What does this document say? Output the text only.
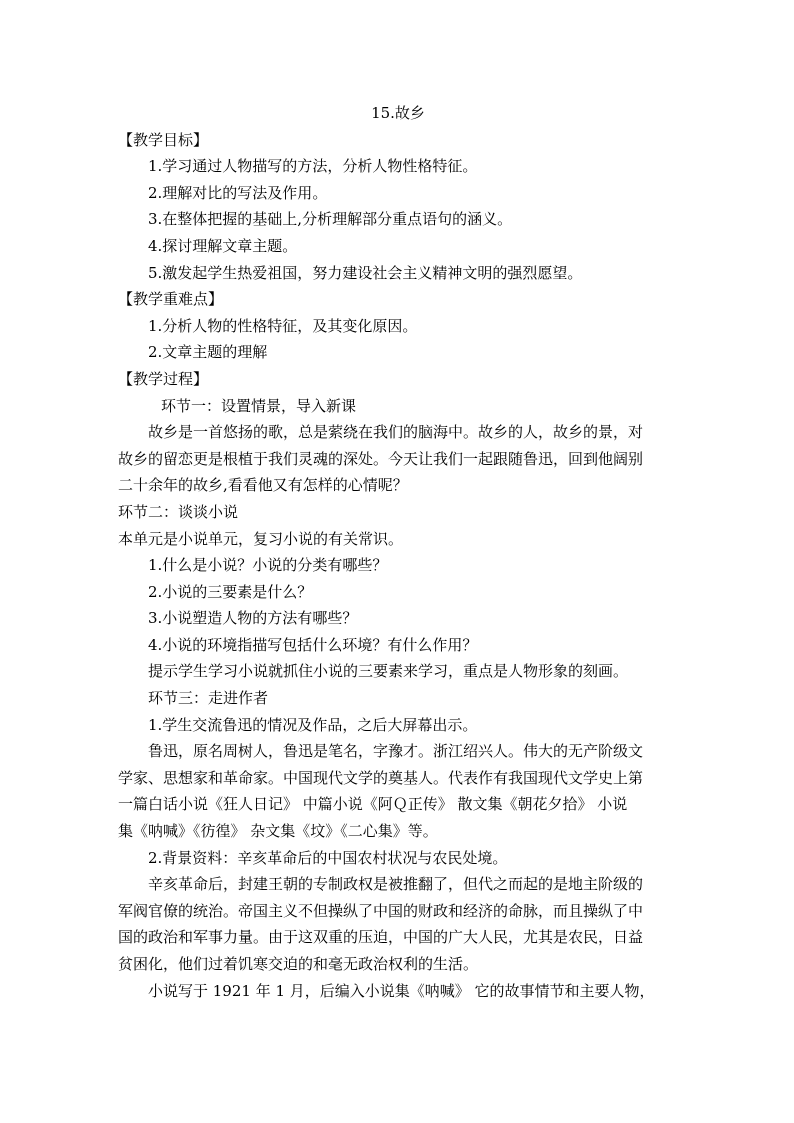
15.故乡

【教学目标】

1.学习通过人物描写的方法，分析人物性格特征。

2.理解对比的写法及作用。

3.在整体把握的基础上,分析理解部分重点语句的涵义。

4.探讨理解文章主题。

5.激发起学生热爱祖国，努力建设社会主义精神文明的强烈愿望。

【教学重难点】

1.分析人物的性格特征，及其变化原因。

2.文章主题的理解

【教学过程】

环节一：设置情景，导入新课

故乡是一首悠扬的歌，总是萦绕在我们的脑海中。故乡的人，故乡的景，对

故乡的留恋更是根植于我们灵魂的深处。今天让我们一起跟随鲁迅，回到他阔别

二十余年的故乡,看看他又有怎样的心情呢？

环节二：谈谈小说

本单元是小说单元，复习小说的有关常识。

1.什么是小说？小说的分类有哪些？

2.小说的三要素是什么？

3.小说塑造人物的方法有哪些？

4.小说的环境指描写包括什么环境？有什么作用？

提示学生学习小说就抓住小说的三要素来学习，重点是人物形象的刻画。

环节三：走进作者

1.学生交流鲁迅的情况及作品，之后大屏幕出示。

鲁迅，原名周树人，鲁迅是笔名，字豫才。浙江绍兴人。伟大的无产阶级文

学家、思想家和革命家。中国现代文学的奠基人。代表作有我国现代文学史上第

一篇白话小说《狂人日记》 中篇小说《阿Ｑ正传》 散文集《朝花夕拾》 小说

集《呐喊》《彷徨》 杂文集《坟》《二心集》等。

2.背景资料：辛亥革命后的中国农村状况与农民处境。

辛亥革命后，封建王朝的专制政权是被推翻了，但代之而起的是地主阶级的

军阀官僚的统治。帝国主义不但操纵了中国的财政和经济的命脉，而且操纵了中

国的政治和军事力量。由于这双重的压迫，中国的广大人民，尤其是农民，日益

贫困化，他们过着饥寒交迫的和毫无政治权利的生活。

小说写于 1921 年 1 月，后编入小说集《呐喊》 它的故事情节和主要人物，
